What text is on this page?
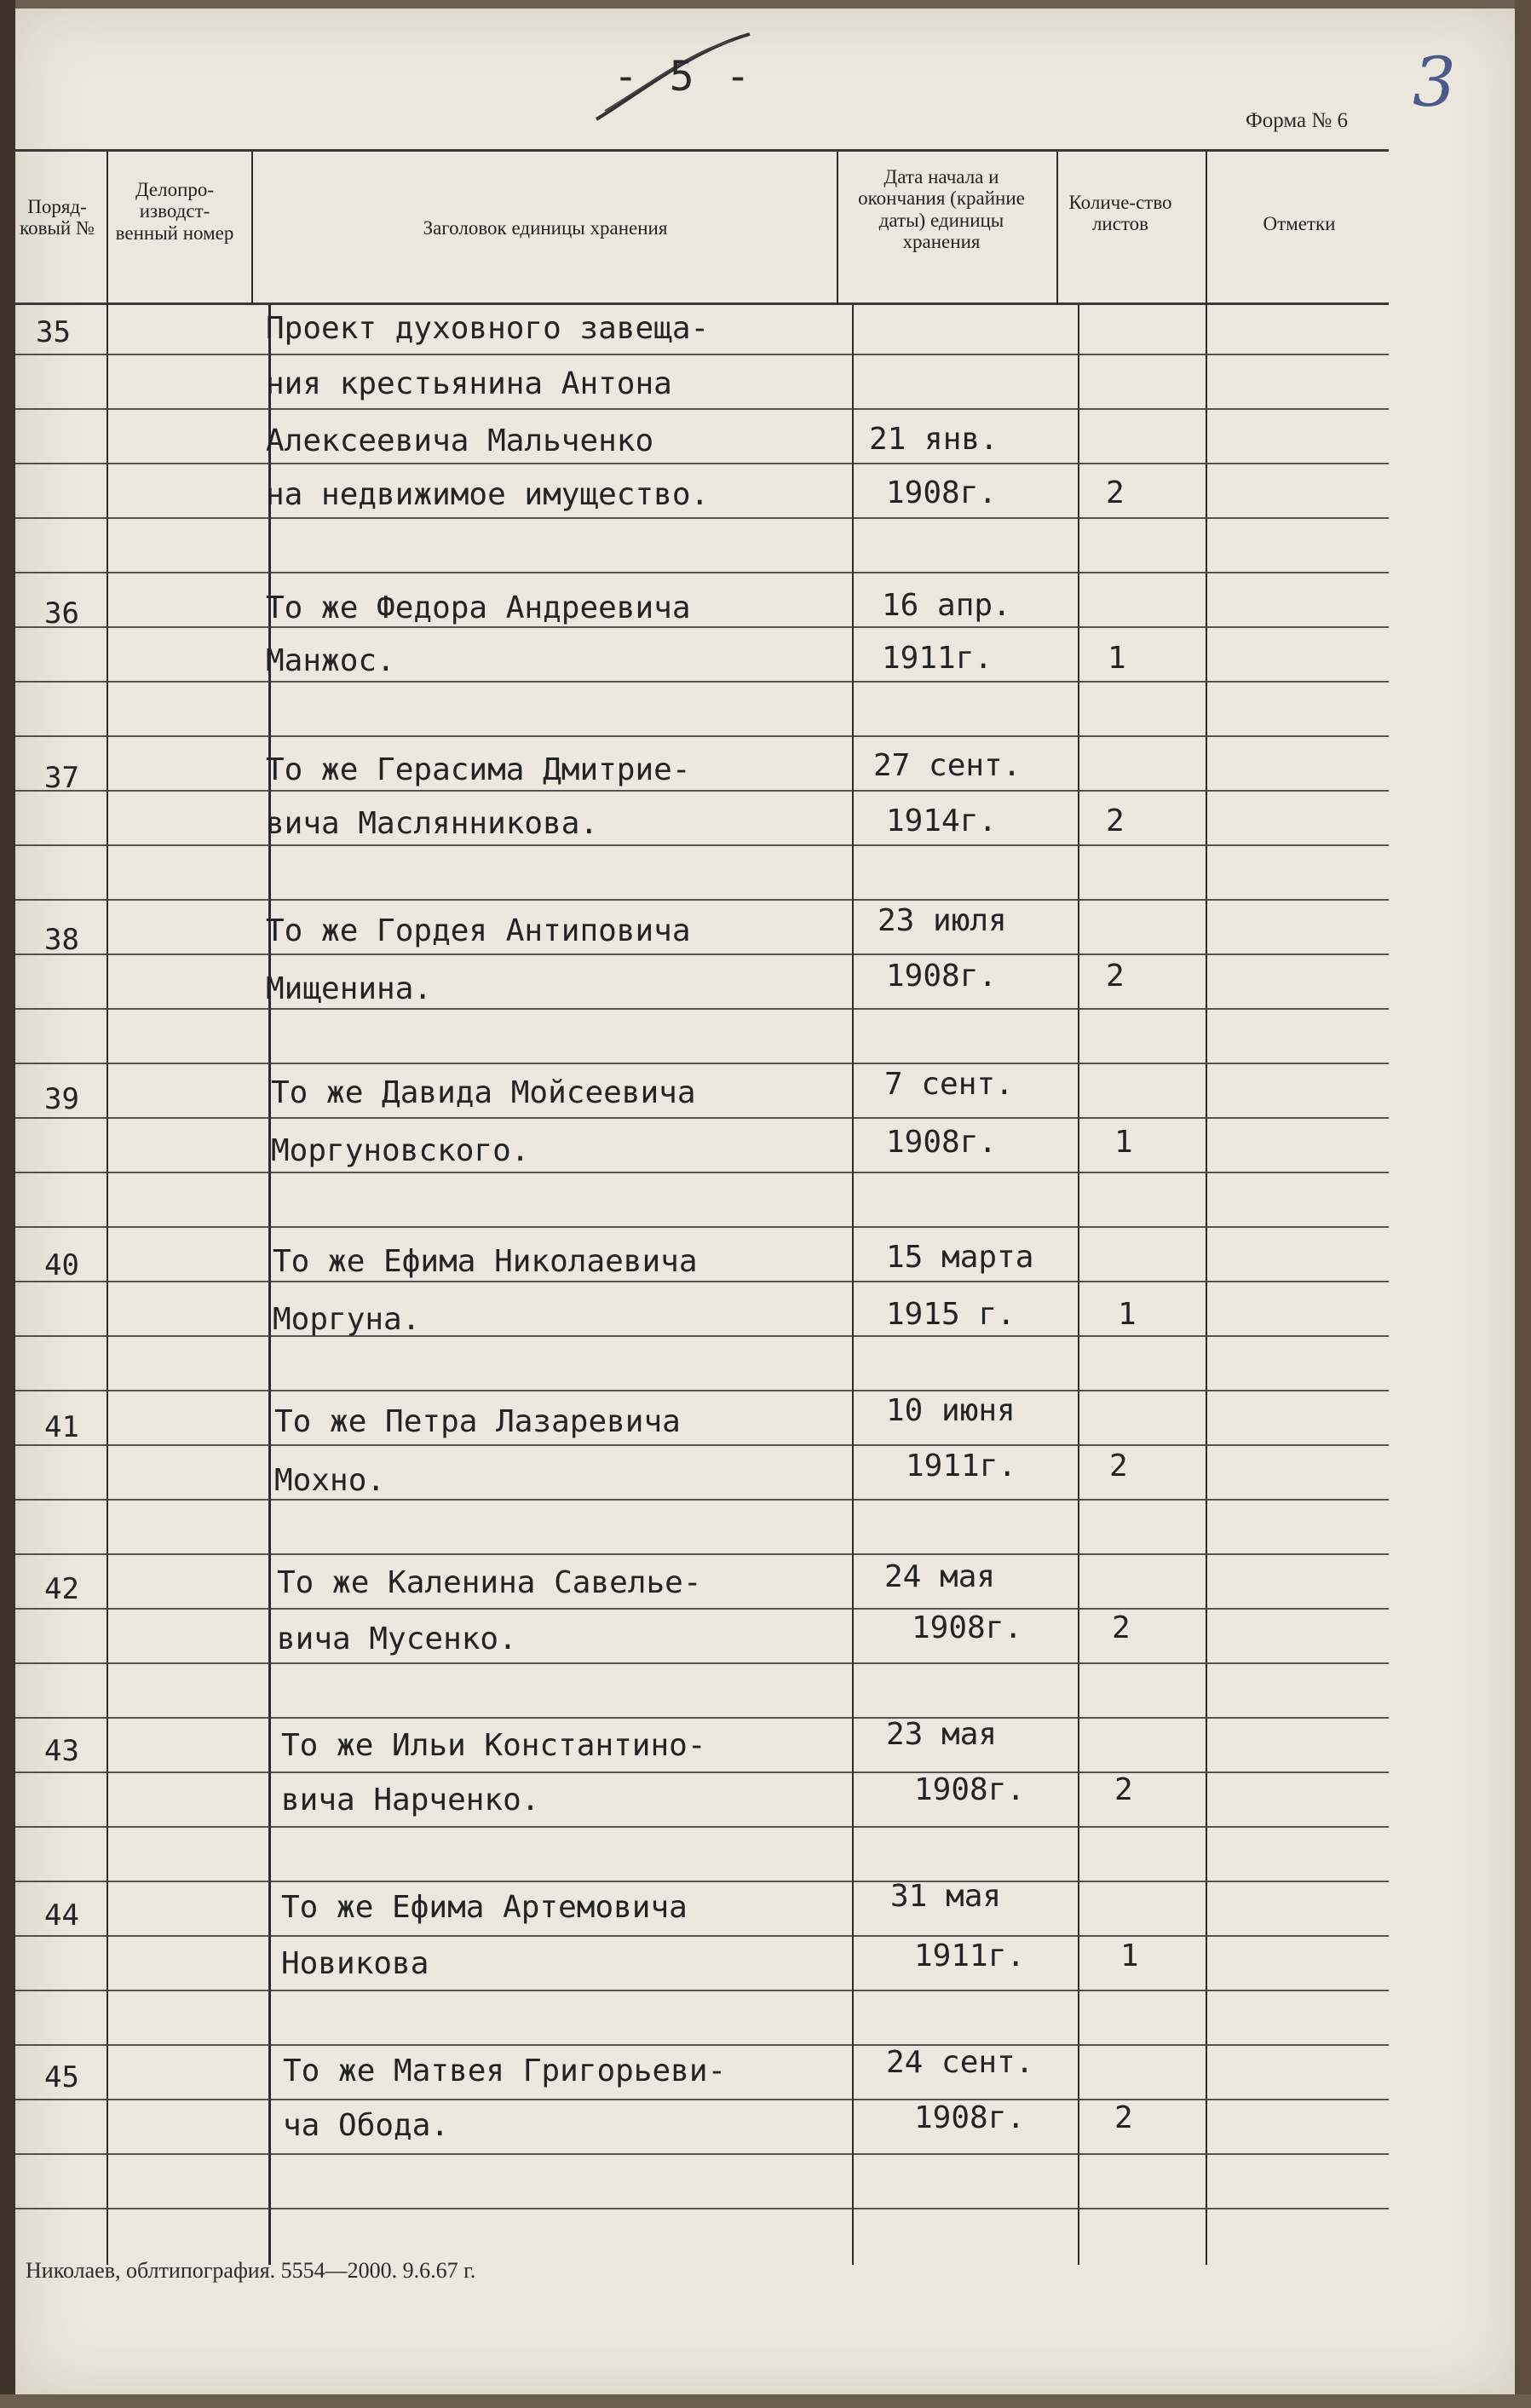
- 5 -	3
Форма № 6
Поряд-ковый №
Делопро-изводст-венный номер	Заголовок единицы хранения
Дата начала и окончания (крайние даты) единицы хранения
Количе-ство листов	Отметки
35	Проект духовного завеща-
ния крестьянина Антона
Алексеевича Мальченко
на недвижимое имущество.
21 янв.
1908г.	2
36	То же Федора Андреевича
Манжос.
16 апр.
1911г.	1
37	То же Герасима Дмитрие-
вича Маслянникова.
27 сент.
1914г.	2
38	То же Гордея Антиповича
Мищенина.
23 июля
1908г.	2
39	То же Давида Мойсеевича
Моргуновского.
7 сент.
1908г.	1
40	То же Ефима Николаевича
Моргуна.
15 марта
1915 г.	1
41	То же Петра Лазаревича
Мохно.
10 июня
1911г.	2
42	То же Каленина Савелье-
вича Мусенко.
24 мая
1908г.	2
43	То же Ильи Константино-
вича Нарченко.
23 мая
1908г.	2
44	То же Ефима Артемовича
Новикова
31 мая
1911г.	1
45	То же Матвея Григорьеви-
ча Обода.
24 сент.
1908г.	2
Николаев, облтипография. 5554—2000. 9.6.67 г.
